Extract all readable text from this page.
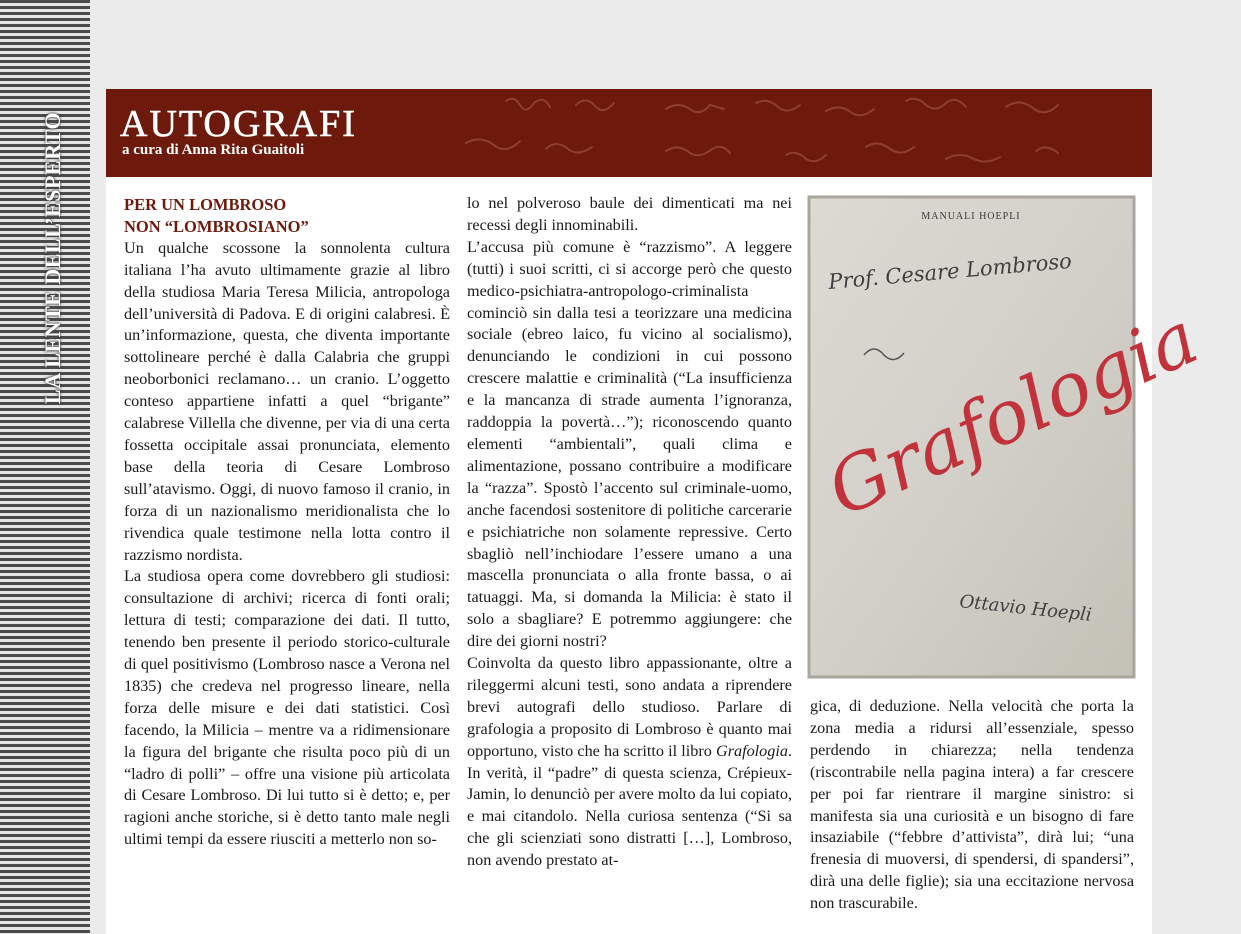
LA LENTE DELL’ESPERTO AUTOGRAFI
a cura di Anna Rita Guaitoli
PER UN LOMBROSO
NON “LOMBROSIANO”

Un qualche scossone la sonnolenta cultura italiana l’ha avuto ultimamente grazie al libro della studiosa Maria Teresa Milicia, antropologa dell’università di Padova. E di origini calabresi. È un’informazione, questa, che diventa importante sottolineare perché è dalla Calabria che gruppi neoborbonici reclamano… un cranio. L’oggetto conteso appartiene infatti a quel “brigante” calabrese Villella che divenne, per via di una certa fossetta occipitale assai pronunciata, elemento base della teoria di Cesare Lombroso sull’atavismo. Oggi, di nuovo famoso il cranio, in forza di un nazionalismo meridionalista che lo rivendica quale testimone nella lotta contro il razzismo nordista.

La studiosa opera come dovrebbero gli studiosi: consultazione di archivi; ricerca di fonti orali; lettura di testi; comparazione dei dati. Il tutto, tenendo ben presente il periodo storico-culturale di quel positivismo (Lombroso nasce a Verona nel 1835) che credeva nel progresso lineare, nella forza delle misure e dei dati statistici. Così facendo, la Milicia – mentre va a ridimensionare la figura del brigante che risulta poco più di un “ladro di polli” – offre una visione più articolata di Cesare Lombroso. Di lui tutto si è detto; e, per ragioni anche storiche, si è detto tanto male negli ultimi tempi da essere riusciti a metterlo non so-

lo nel polveroso baule dei dimenticati ma nei recessi degli innominabili.

L’accusa più comune è “razzismo”. A leggere (tutti) i suoi scritti, ci si accorge però che questo medico-psichiatra-antropologo-criminalista cominciò sin dalla tesi a teorizzare una medicina sociale (ebreo laico, fu vicino al socialismo), denunciando le condizioni in cui possono crescere malattie e criminalità (“La insufficienza e la mancanza di strade aumenta l’ignoranza, raddoppia la povertà…”); riconoscendo quanto elementi “ambientali”, quali clima e alimentazione, possano contribuire a modificare la “razza”. Spostò l’accento sul criminale-uomo, anche facendosi sostenitore di politiche carcerarie e psichiatriche non solamente repressive. Certo sbagliò nell’inchiodare l’essere umano a una mascella pronunciata o alla fronte bassa, o ai tatuaggi. Ma, si domanda la Milicia: è stato il solo a sbagliare? E potremmo aggiungere: che dire dei giorni nostri?

Coinvolta da questo libro appassionante, oltre a rileggermi alcuni testi, sono andata a riprendere brevi autografi dello studioso. Parlare di grafologia a proposito di Lombroso è quanto mai opportuno, visto che ha scritto il libro Grafologia. In verità, il “padre” di questa scienza, Crépieux-Jamin, lo denunciò per avere molto da lui copiato, e mai citandolo. Nella curiosa sentenza (“Si sa che gli scienziati sono distratti […], Lombroso, non avendo prestato at-

MANUALI HOEPLI
Prof. Cesare Lombroso
Grafologia
Ottavio Hoepli

gica, di deduzione. Nella velocità che porta la zona media a ridursi all’essenziale, spesso perdendo in chiarezza; nella tendenza (riscontrabile nella pagina intera) a far crescere per poi far rientrare il margine sinistro: si manifesta sia una curiosità e un bisogno di fare insaziabile (“febbre d’attivista”, dirà lui; “una frenesia di muoversi, di spendersi, di spandersi”, dirà una delle figlie); sia una eccitazione nervosa non trascurabile.
